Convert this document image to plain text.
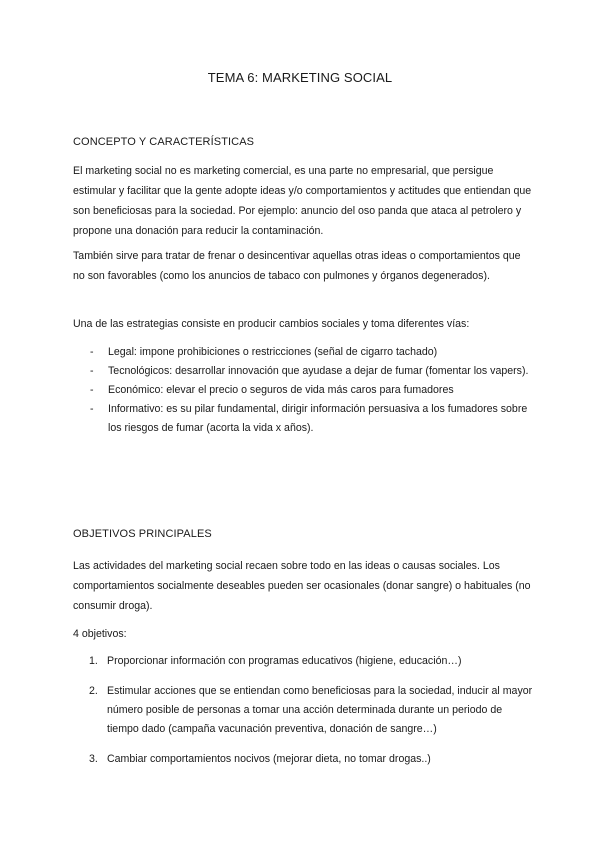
TEMA 6: MARKETING SOCIAL
CONCEPTO Y CARACTERÍSTICAS
El marketing social no es marketing comercial, es una parte no empresarial, que persigue estimular y facilitar que la gente adopte ideas y/o comportamientos y actitudes que entiendan que son beneficiosas para la sociedad. Por ejemplo: anuncio del oso panda que ataca al petrolero y propone una donación para reducir la contaminación.
También sirve para tratar de frenar o desincentivar aquellas otras ideas o comportamientos que no son favorables (como los anuncios de tabaco con pulmones y órganos degenerados).
Una de las estrategias consiste en producir cambios sociales y toma diferentes vías:
- Legal: impone prohibiciones o restricciones (señal de cigarro tachado)
- Tecnológicos: desarrollar innovación que ayudase a dejar de fumar (fomentar los vapers).
- Económico: elevar el precio o seguros de vida más caros para fumadores
- Informativo: es su pilar fundamental, dirigir información persuasiva a los fumadores sobre los riesgos de fumar (acorta la vida x años).
OBJETIVOS PRINCIPALES
Las actividades del marketing social recaen sobre todo en las ideas o causas sociales. Los comportamientos socialmente deseables pueden ser ocasionales (donar sangre) o habituales (no consumir droga).
4 objetivos:
1. Proporcionar información con programas educativos (higiene, educación…)
2. Estimular acciones que se entiendan como beneficiosas para la sociedad, inducir al mayor número posible de personas a tomar una acción determinada durante un periodo de tiempo dado (campaña vacunación preventiva, donación de sangre…)
3. Cambiar comportamientos nocivos (mejorar dieta, no tomar drogas..)
